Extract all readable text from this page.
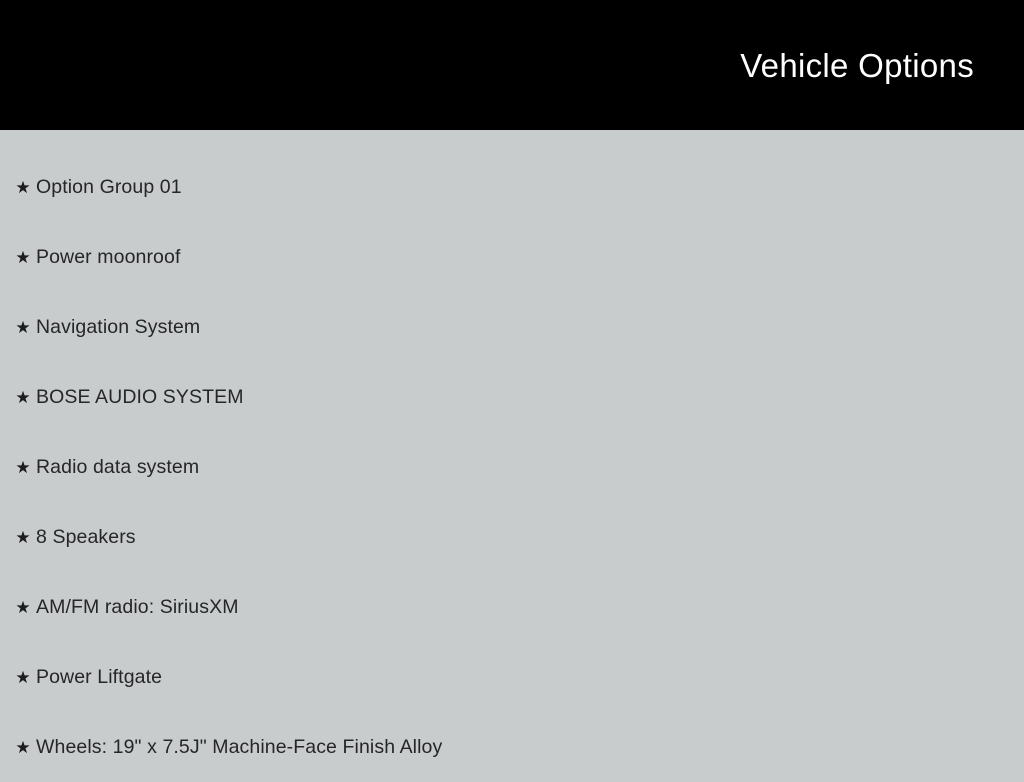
Vehicle Options
★ Option Group 01
★ Power moonroof
★ Navigation System
★ BOSE AUDIO SYSTEM
★ Radio data system
★ 8 Speakers
★ AM/FM radio: SiriusXM
★ Power Liftgate
★ Wheels: 19" x 7.5J" Machine-Face Finish Alloy
